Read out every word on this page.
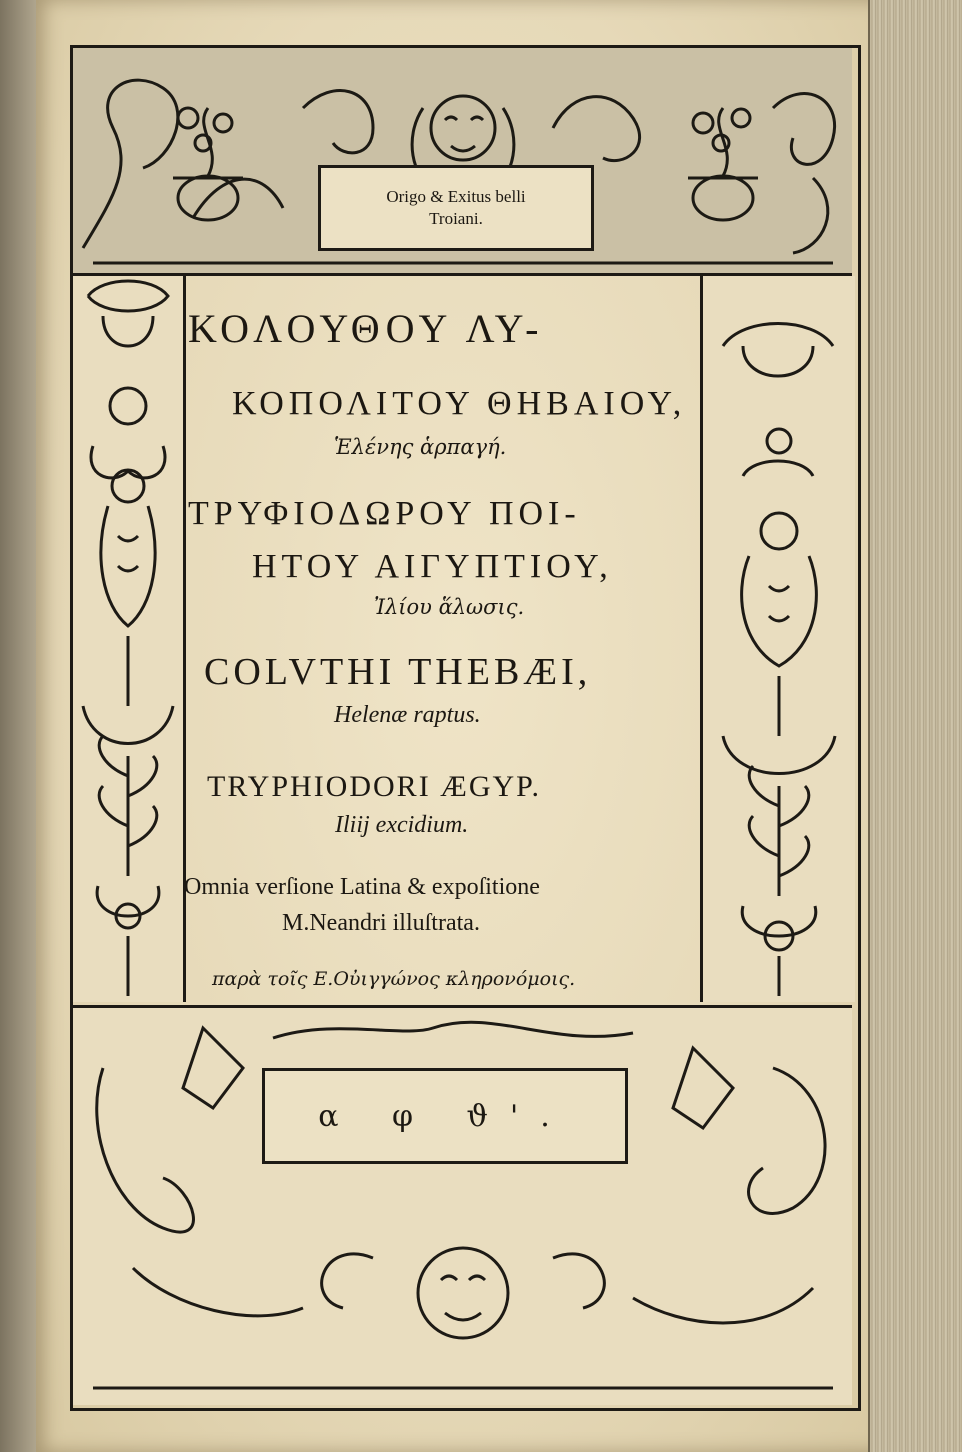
Origo & Exitus belli
Troiani.
α φ ϑ'.
ΚΟΛΟΥΘΟΥ ΛΥ-
ΚΟΠΟΛΙΤΟΥ ΘΗΒΑΙΟΥ,
Ἑλένης ἁρπαγή.
ΤΡΥΦΙΟΔΩΡΟΥ ΠΟΙ-
ΗΤΟΥ ΑΙΓΥΠΤΙΟΥ,
Ἰλίου ἅλωσις.
COLVTHI THEBÆI,
Helenæ raptus.
TRYPHIODORI ÆGYP.
Iliij excidium.
Omnia verſione Latina & expoſitione
M.Neandri illuſtrata.
παρὰ τοῖς Ε.Οὐιγγώνος κληρονόμοις.
